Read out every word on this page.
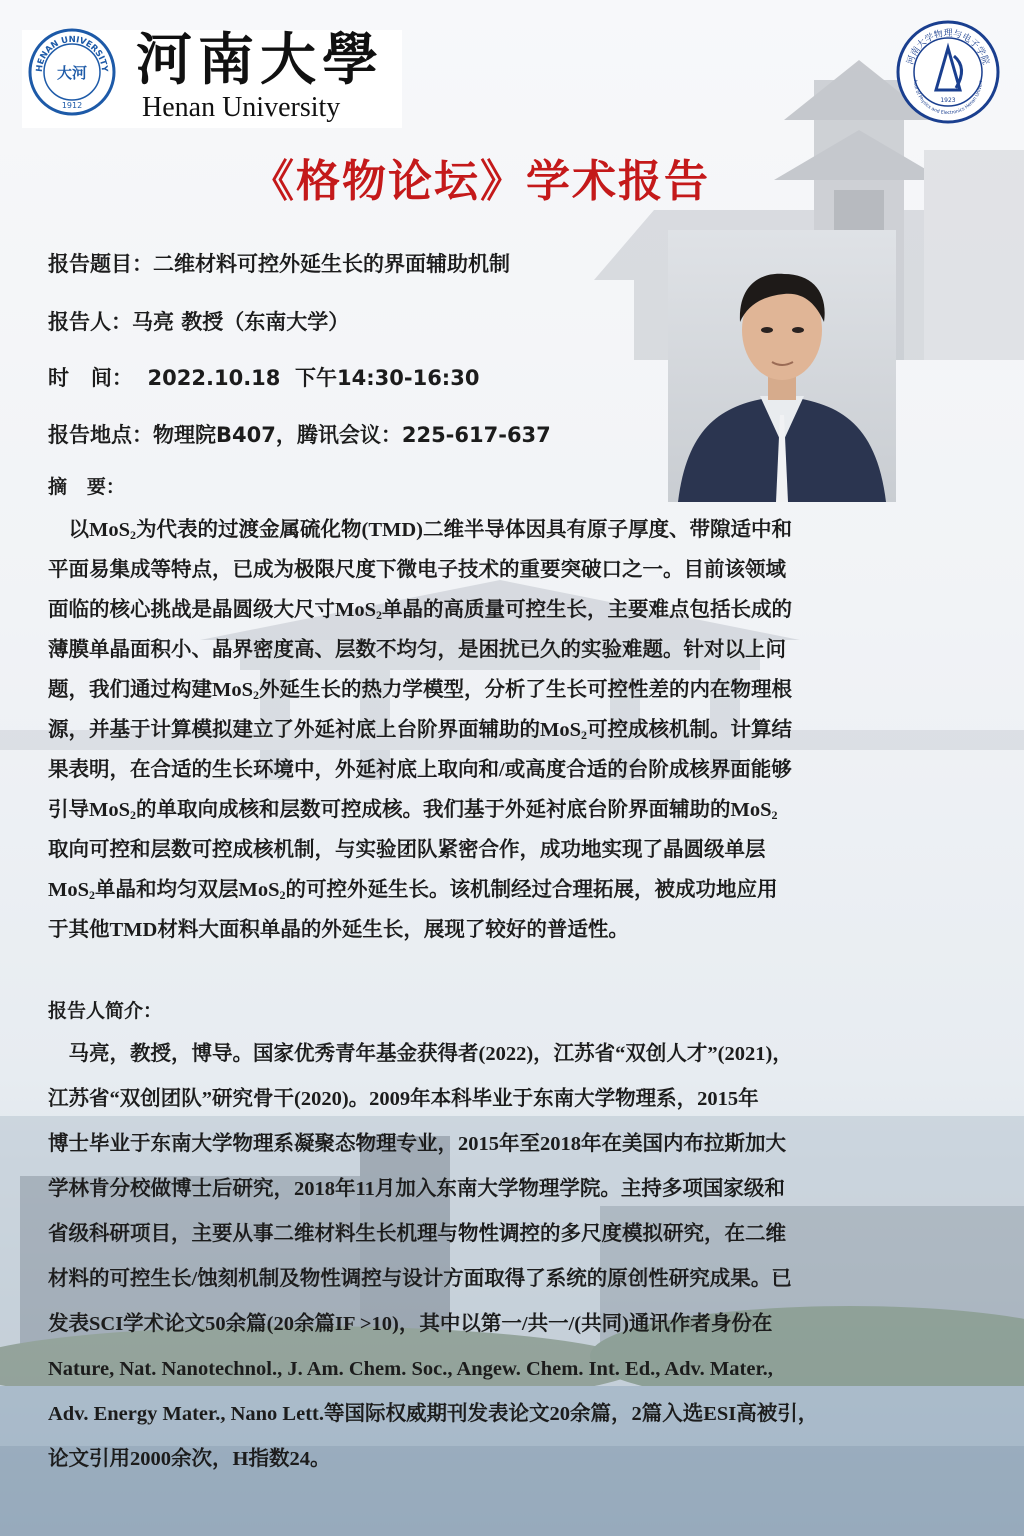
HENAN UNIVERSITY
大河
1912
河南大學
Henan University
河南大学物理与电子学院
hool of Physics and Electronics Henan Univers
1923
《格物论坛》学术报告
报告题目：二维材料可控外延生长的界面辅助机制
报告人：马亮 教授（东南大学）
时   间：  2022.10.18  下午14:30-16:30
报告地点：物理院B407，腾讯会议：225-617-637
摘   要：
　以MoS$_2$为代表的过渡金属硫化物(TMD)二维半导体因具有原子厚度、带隙适中和
平面易集成等特点，已成为极限尺度下微电子技术的重要突破口之一。目前该领域
面临的核心挑战是晶圆级大尺寸MoS$_2$单晶的高质量可控生长，主要难点包括长成的
薄膜单晶面积小、晶界密度高、层数不均匀，是困扰已久的实验难题。针对以上问
题，我们通过构建MoS$_2$外延生长的热力学模型，分析了生长可控性差的内在物理根
源，并基于计算模拟建立了外延衬底上台阶界面辅助的MoS$_2$可控成核机制。计算结
果表明，在合适的生长环境中，外延衬底上取向和/或高度合适的台阶成核界面能够
引导MoS$_2$的单取向成核和层数可控成核。我们基于外延衬底台阶界面辅助的MoS$_2$
取向可控和层数可控成核机制，与实验团队紧密合作，成功地实现了晶圆级单层
MoS$_2$单晶和均匀双层MoS$_2$的可控外延生长。该机制经过合理拓展，被成功地应用
于其他TMD材料大面积单晶的外延生长，展现了较好的普适性。
报告人简介：
　马亮，教授，博导。国家优秀青年基金获得者(2022)，江苏省“双创人才”(2021)，
江苏省“双创团队”研究骨干(2020)。2009年本科毕业于东南大学物理系，2015年
博士毕业于东南大学物理系凝聚态物理专业，2015年至2018年在美国内布拉斯加大
学林肯分校做博士后研究，2018年11月加入东南大学物理学院。主持多项国家级和
省级科研项目，主要从事二维材料生长机理与物性调控的多尺度模拟研究，在二维
材料的可控生长/蚀刻机制及物性调控与设计方面取得了系统的原创性研究成果。已
发表SCI学术论文50余篇(20余篇IF >10)，其中以第一/共一/(共同)通讯作者身份在
Nature, Nat. Nanotechnol., J. Am. Chem. Soc., Angew. Chem. Int. Ed., Adv. Mater.,
Adv. Energy Mater., Nano Lett.等国际权威期刊发表论文20余篇，2篇入选ESI高被引，
论文引用2000余次，H指数24。
